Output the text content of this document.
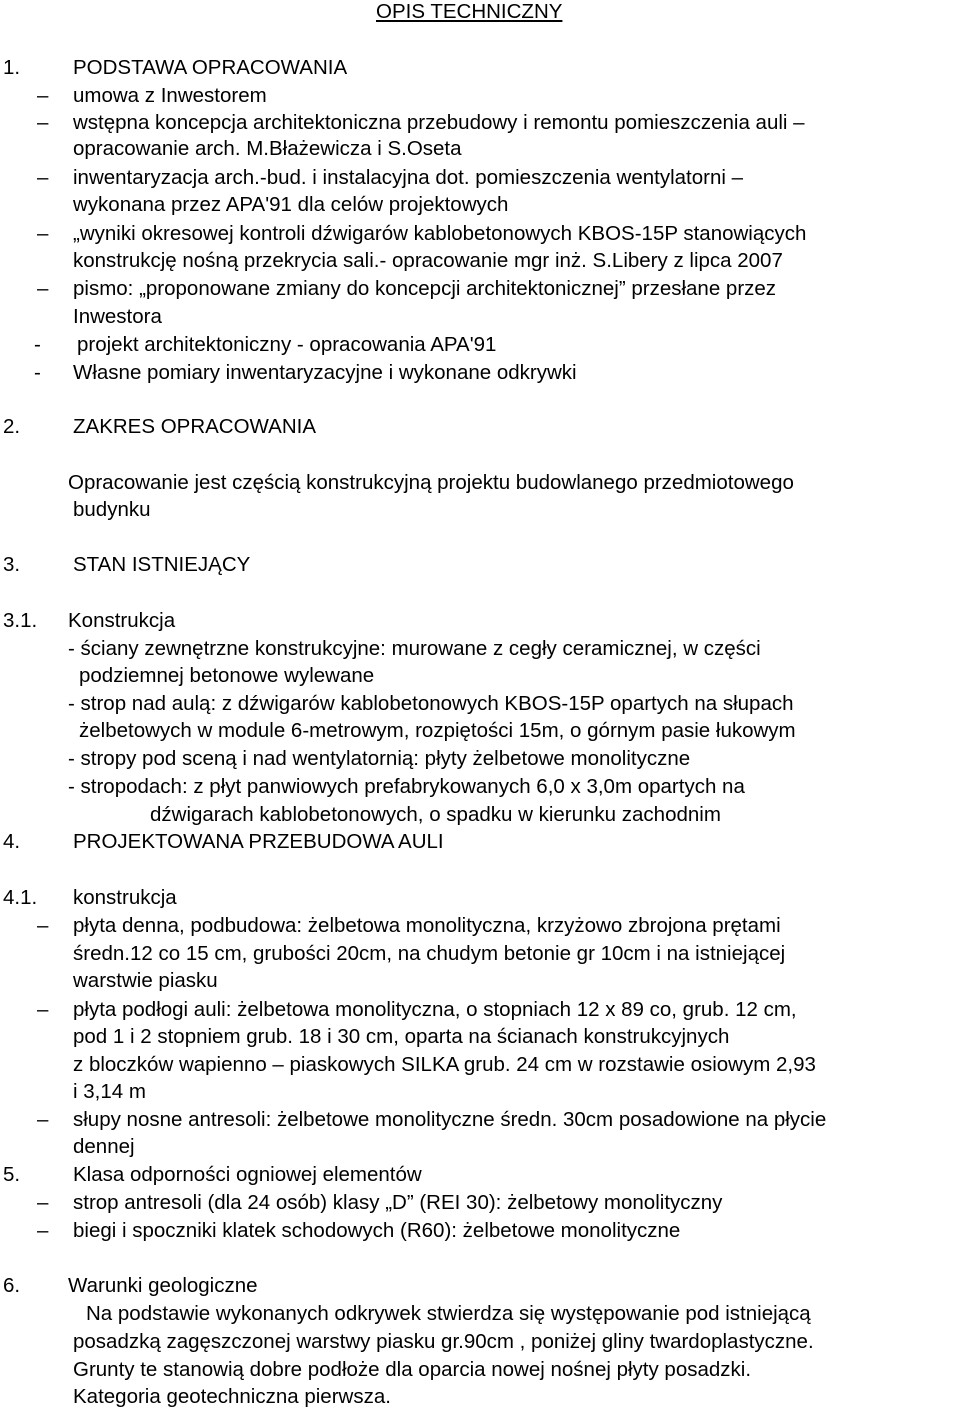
OPIS TECHNICZNY
1.	PODSTAWA OPRACOWANIA
– umowa z Inwestorem
– wstępna koncepcja architektoniczna przebudowy i remontu pomieszczenia auli –
opracowanie arch. M.Błażewicza i S.Oseta
– inwentaryzacja arch.-bud. i instalacyjna dot. pomieszczenia wentylatorni –
wykonana przez APA'91 dla celów projektowych
– „wyniki okresowej kontroli dźwigarów kablobetonowych KBOS-15P stanowiących
konstrukcję nośną przekrycia sali.- opracowanie mgr inż. S.Libery z lipca 2007
– pismo: „proponowane zmiany do koncepcji architektonicznej” przesłane przez
Inwestora
- projekt architektoniczny - opracowania APA'91
- Własne pomiary inwentaryzacyjne i wykonane odkrywki
2.	ZAKRES OPRACOWANIA
Opracowanie jest częścią konstrukcyjną projektu budowlanego przedmiotowego
budynku
3.	STAN ISTNIEJĄCY
3.1. Konstrukcja
- ściany zewnętrzne konstrukcyjne: murowane z cegły ceramicznej, w części
podziemnej betonowe wylewane
- strop nad aulą: z dźwigarów kablobetonowych KBOS-15P opartych na słupach
żelbetowych w module 6-metrowym, rozpiętości 15m, o górnym pasie łukowym
- stropy pod sceną i nad wentylatornią: płyty żelbetowe monolityczne
- stropodach: z płyt panwiowych prefabrykowanych 6,0 x 3,0m opartych na
dźwigarach kablobetonowych, o spadku w kierunku zachodnim
4.	PROJEKTOWANA PRZEBUDOWA AULI
4.1. konstrukcja
– płyta denna, podbudowa: żelbetowa monolityczna, krzyżowo zbrojona prętami
średn.12 co 15 cm, grubości 20cm, na chudym betonie gr 10cm i na istniejącej
warstwie piasku
– płyta podłogi auli: żelbetowa monolityczna, o stopniach 12 x 89 co, grub. 12 cm,
pod 1 i 2 stopniem grub. 18 i 30 cm, oparta na ścianach konstrukcyjnych
z bloczków wapienno – piaskowych SILKA grub. 24 cm w rozstawie osiowym 2,93
i 3,14 m
– słupy nosne antresoli: żelbetowe monolityczne średn. 30cm posadowione na płycie
dennej
5.	Klasa odporności ogniowej elementów
– strop antresoli (dla 24 osób) klasy „D” (REI 30): żelbetowy monolityczny
– biegi i spoczniki klatek schodowych (R60): żelbetowe monolityczne
6. Warunki geologiczne
Na podstawie wykonanych odkrywek stwierdza się występowanie pod istniejącą
posadzką zagęszczonej warstwy piasku gr.90cm , poniżej gliny twardoplastyczne.
Grunty te stanowią dobre podłoże dla oparcia nowej nośnej płyty posadzki.
Kategoria geotechniczna pierwsza.
